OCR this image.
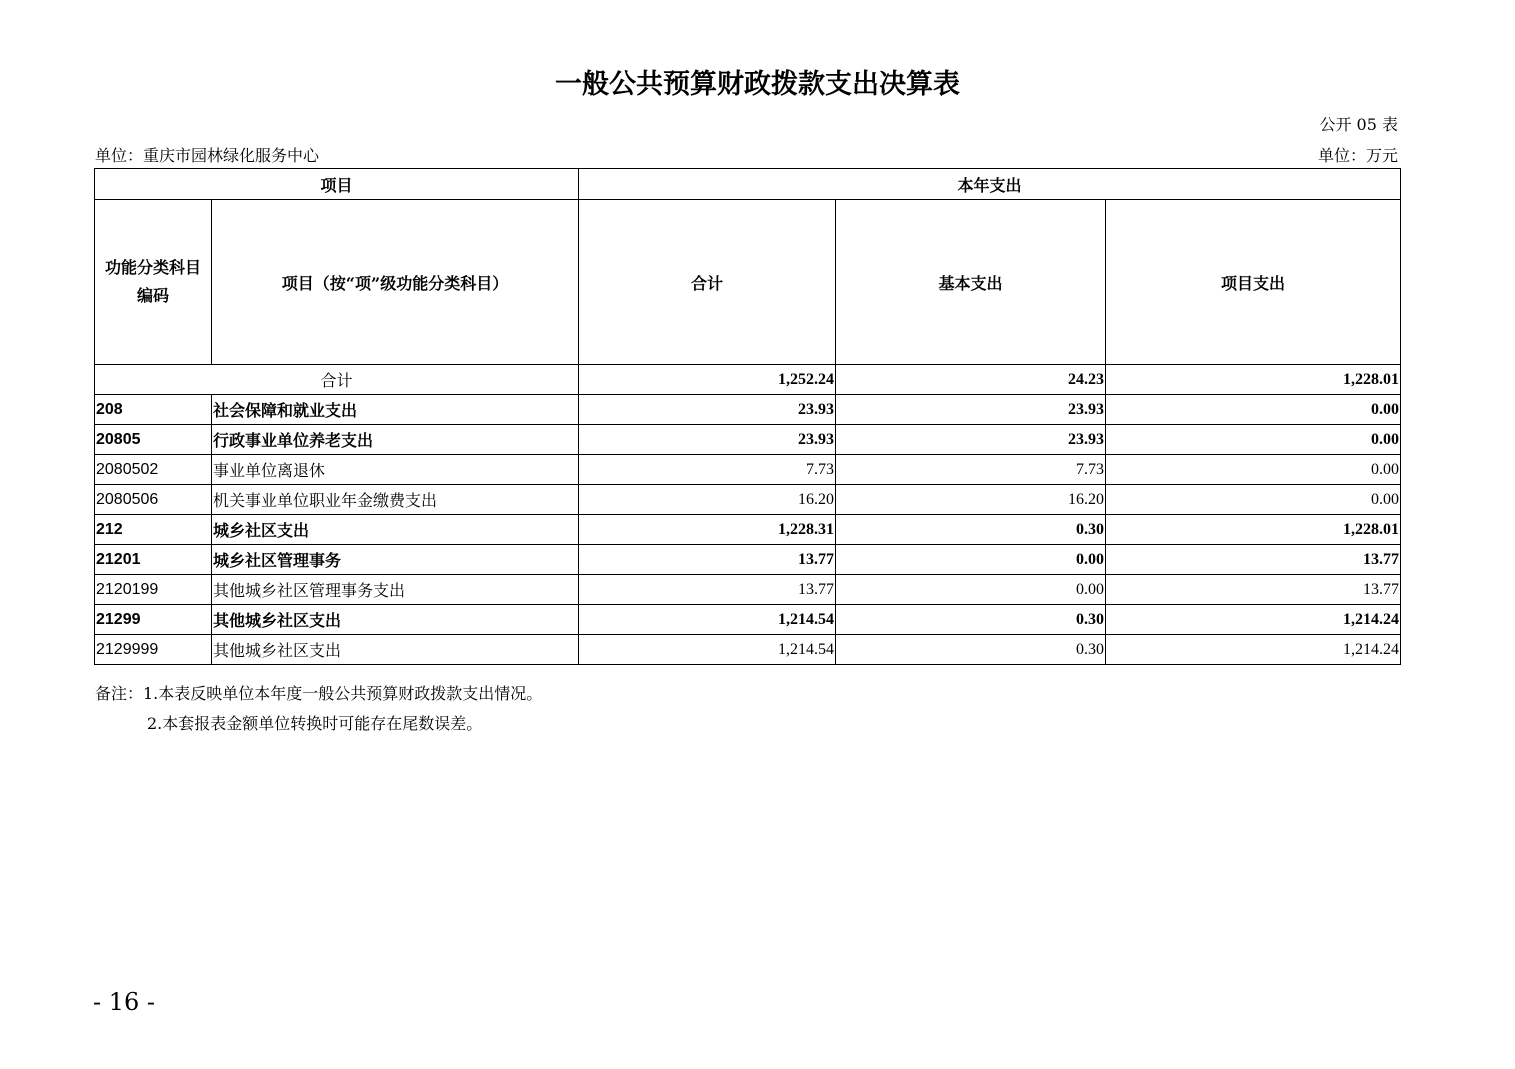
一般公共预算财政拨款支出决算表
公开 05 表
单位：重庆市园林绿化服务中心	单位：万元
项目		本年支出		
功能分类科目编码	项目（按“项”级功能分类科目）	合计	基本支出	项目支出
合计		1,252.24	24.23	1,228.01
208	社会保障和就业支出	23.93	23.93	0.00
20805	行政事业单位养老支出	23.93	23.93	0.00
2080502	事业单位离退休	7.73	7.73	0.00
2080506	机关事业单位职业年金缴费支出	16.20	16.20	0.00
212	城乡社区支出	1,228.31	0.30	1,228.01
21201	城乡社区管理事务	13.77	0.00	13.77
2120199	其他城乡社区管理事务支出	13.77	0.00	13.77
21299	其他城乡社区支出	1,214.54	0.30	1,214.24
2129999	其他城乡社区支出	1,214.54	0.30	1,214.24
备注：1.本表反映单位本年度一般公共预算财政拨款支出情况。
2.本套报表金额单位转换时可能存在尾数误差。
- 16 -
